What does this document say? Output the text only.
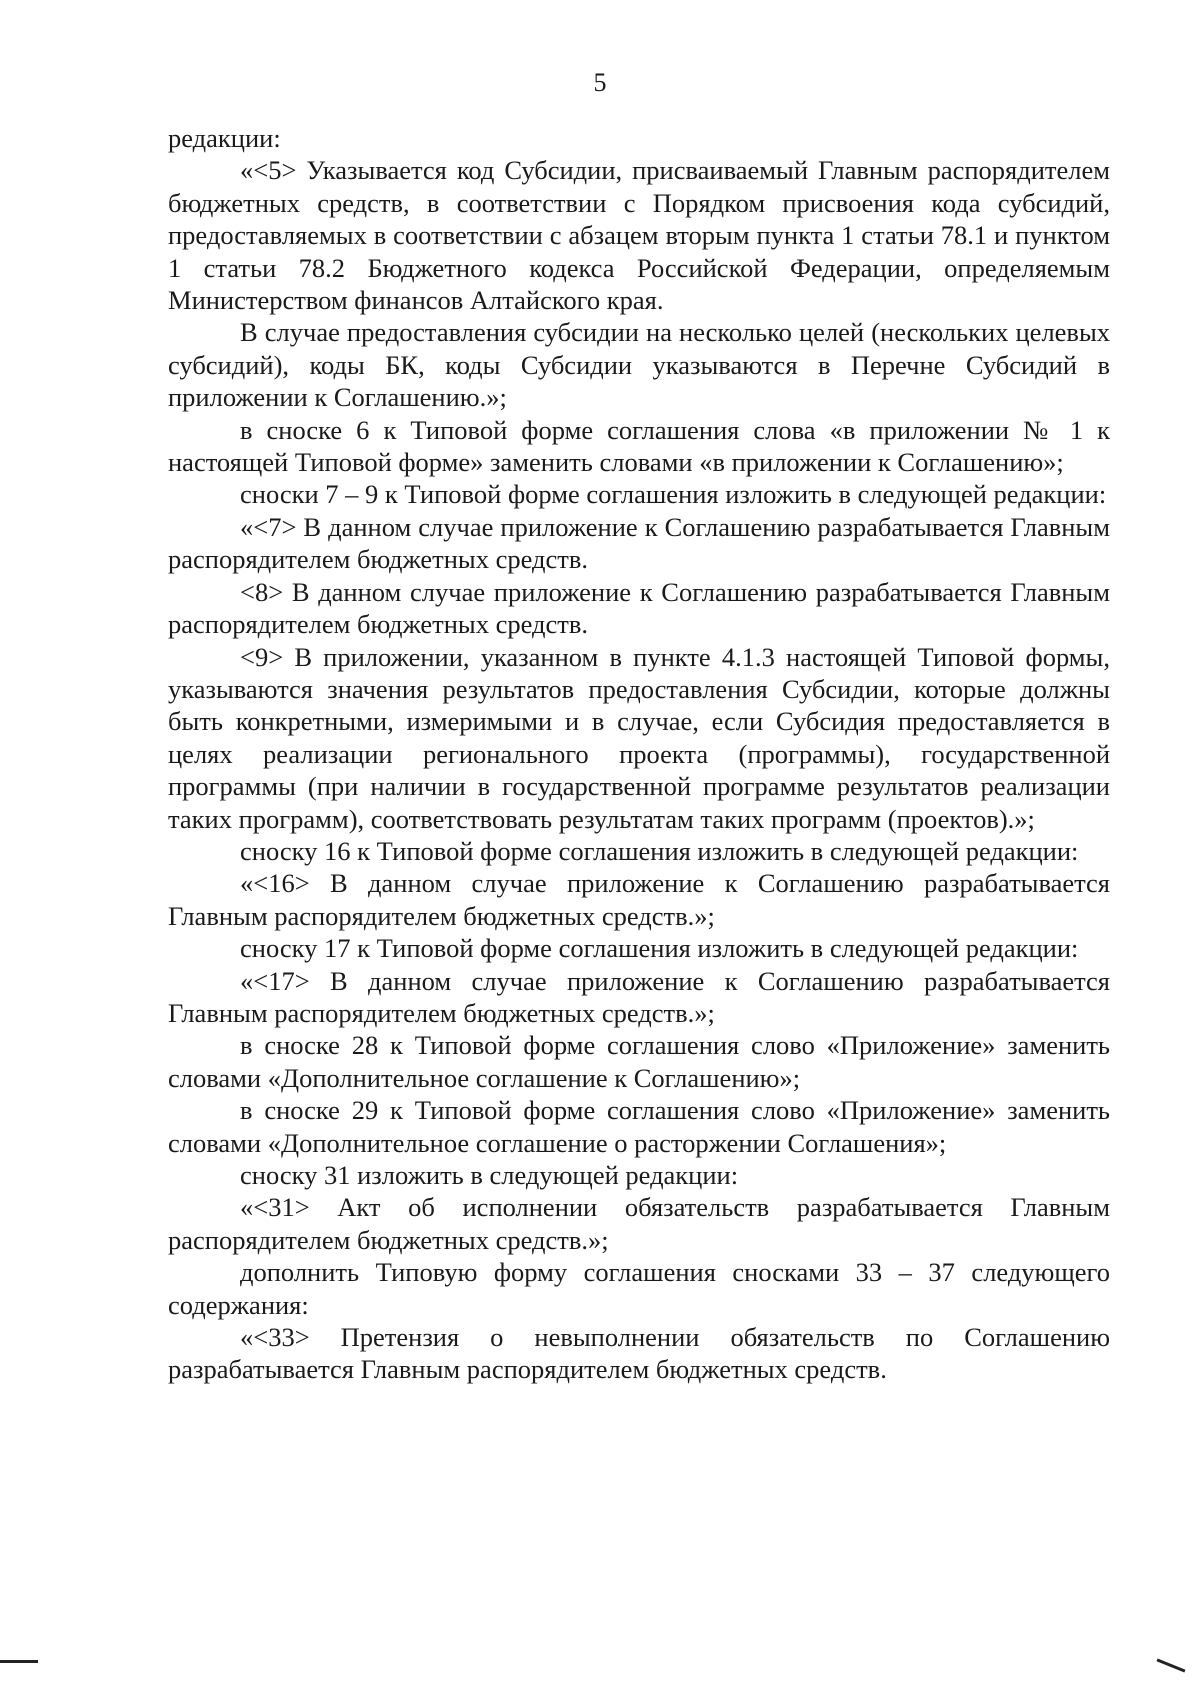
5

редакции:

«<5> Указывается код Субсидии, присваиваемый Главным распорядителем бюджетных средств, в соответствии с Порядком присвоения кода субсидий, предоставляемых в соответствии с абзацем вторым пункта 1 статьи 78.1 и пунктом 1 статьи 78.2 Бюджетного кодекса Российской Федерации, определяемым Министерством финансов Алтайского края.

В случае предоставления субсидии на несколько целей (нескольких целевых субсидий), коды БК, коды Субсидии указываются в Перечне Субсидий в приложении к Соглашению.»;

в сноске 6 к Типовой форме соглашения слова «в приложении № 1 к настоящей Типовой форме» заменить словами «в приложении к Соглашению»;

сноски 7 – 9 к Типовой форме соглашения изложить в следующей редакции:

«<7> В данном случае приложение к Соглашению разрабатывается Главным распорядителем бюджетных средств.

<8> В данном случае приложение к Соглашению разрабатывается Главным распорядителем бюджетных средств.

<9> В приложении, указанном в пункте 4.1.3 настоящей Типовой формы, указываются значения результатов предоставления Субсидии, которые должны быть конкретными, измеримыми и в случае, если Субсидия предоставляется в целях реализации регионального проекта (программы), государственной программы (при наличии в государственной программе результатов реализации таких программ), соответствовать результатам таких программ (проектов).»;

сноску 16 к Типовой форме соглашения изложить в следующей редакции:

«<16> В данном случае приложение к Соглашению разрабатывается Главным распорядителем бюджетных средств.»;

сноску 17 к Типовой форме соглашения изложить в следующей редакции:

«<17> В данном случае приложение к Соглашению разрабатывается Главным распорядителем бюджетных средств.»;

в сноске 28 к Типовой форме соглашения слово «Приложение» заменить словами «Дополнительное соглашение к Соглашению»;

в сноске 29 к Типовой форме соглашения слово «Приложение» заменить словами «Дополнительное соглашение о расторжении Соглашения»;

сноску 31 изложить в следующей редакции:

«<31> Акт об исполнении обязательств разрабатывается Главным распорядителем бюджетных средств.»;

дополнить Типовую форму соглашения сносками 33 – 37 следующего содержания:

«<33> Претензия о невыполнении обязательств по Соглашению разрабатывается Главным распорядителем бюджетных средств.
